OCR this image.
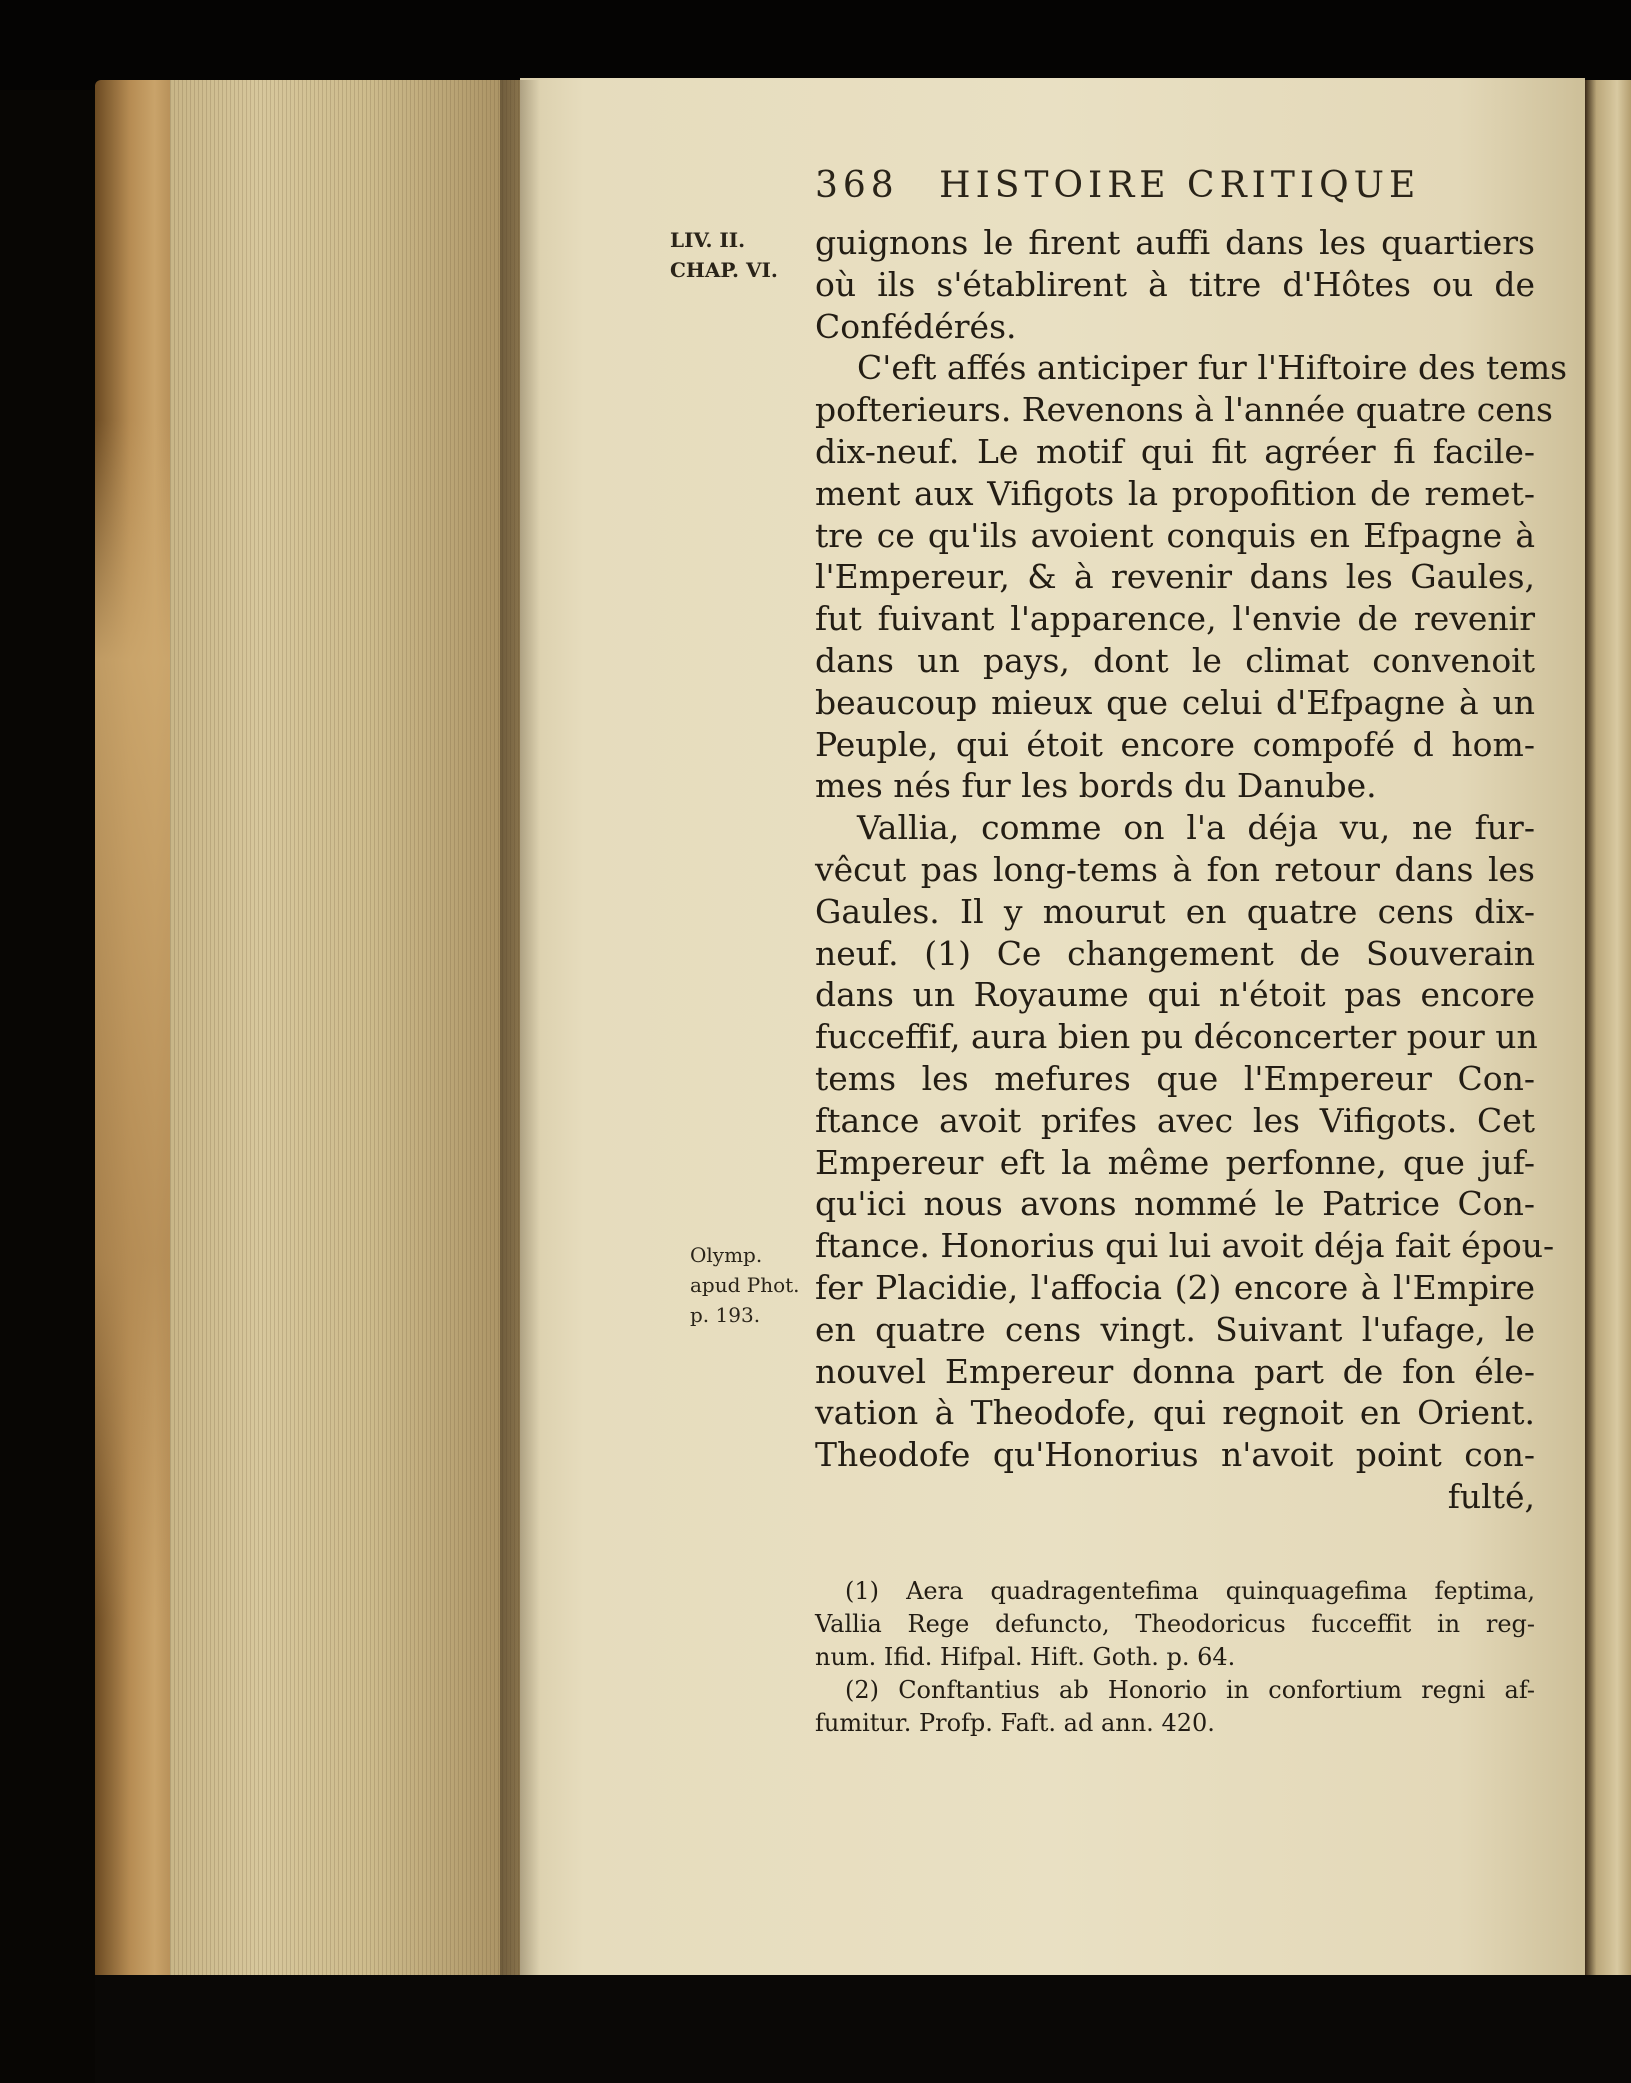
368 HISTOIRE CRITIQUE
LIV. II.
CHAP. VI.
Olymp.
apud Phot.
p. 193.
guignons le firent auffi dans les quartiers
où ils s'établirent à titre d'Hôtes ou de
Confédérés.
C'eft affés anticiper fur l'Hiftoire des tems
pofterieurs. Revenons à l'année quatre cens
dix-neuf. Le motif qui fit agréer fi facile-
ment aux Vifigots la propofition de remet-
tre ce qu'ils avoient conquis en Efpagne à
l'Empereur, & à revenir dans les Gaules,
fut fuivant l'apparence, l'envie de revenir
dans un pays, dont le climat convenoit
beaucoup mieux que celui d'Efpagne à un
Peuple, qui étoit encore compofé d hom-
mes nés fur les bords du Danube.
Vallia, comme on l'a déja vu, ne fur-
vêcut pas long-tems à fon retour dans les
Gaules. Il y mourut en quatre cens dix-
neuf. (1) Ce changement de Souverain
dans un Royaume qui n'étoit pas encore
fucceffif, aura bien pu déconcerter pour un
tems les mefures que l'Empereur Con-
ftance avoit prifes avec les Vifigots. Cet
Empereur eft la même perfonne, que juf-
qu'ici nous avons nommé le Patrice Con-
ftance. Honorius qui lui avoit déja fait épou-
fer Placidie, l'affocia (2) encore à l'Empire
en quatre cens vingt. Suivant l'ufage, le
nouvel Empereur donna part de fon éle-
vation à Theodofe, qui regnoit en Orient.
Theodofe qu'Honorius n'avoit point con-
fulté,
(1) Aera quadragentefima quinquagefima feptima,
Vallia Rege defuncto, Theodoricus fucceffit in reg-
num. Ifid. Hifpal. Hift. Goth. p. 64.
(2) Conftantius ab Honorio in confortium regni af-
fumitur. Profp. Faft. ad ann. 420.
